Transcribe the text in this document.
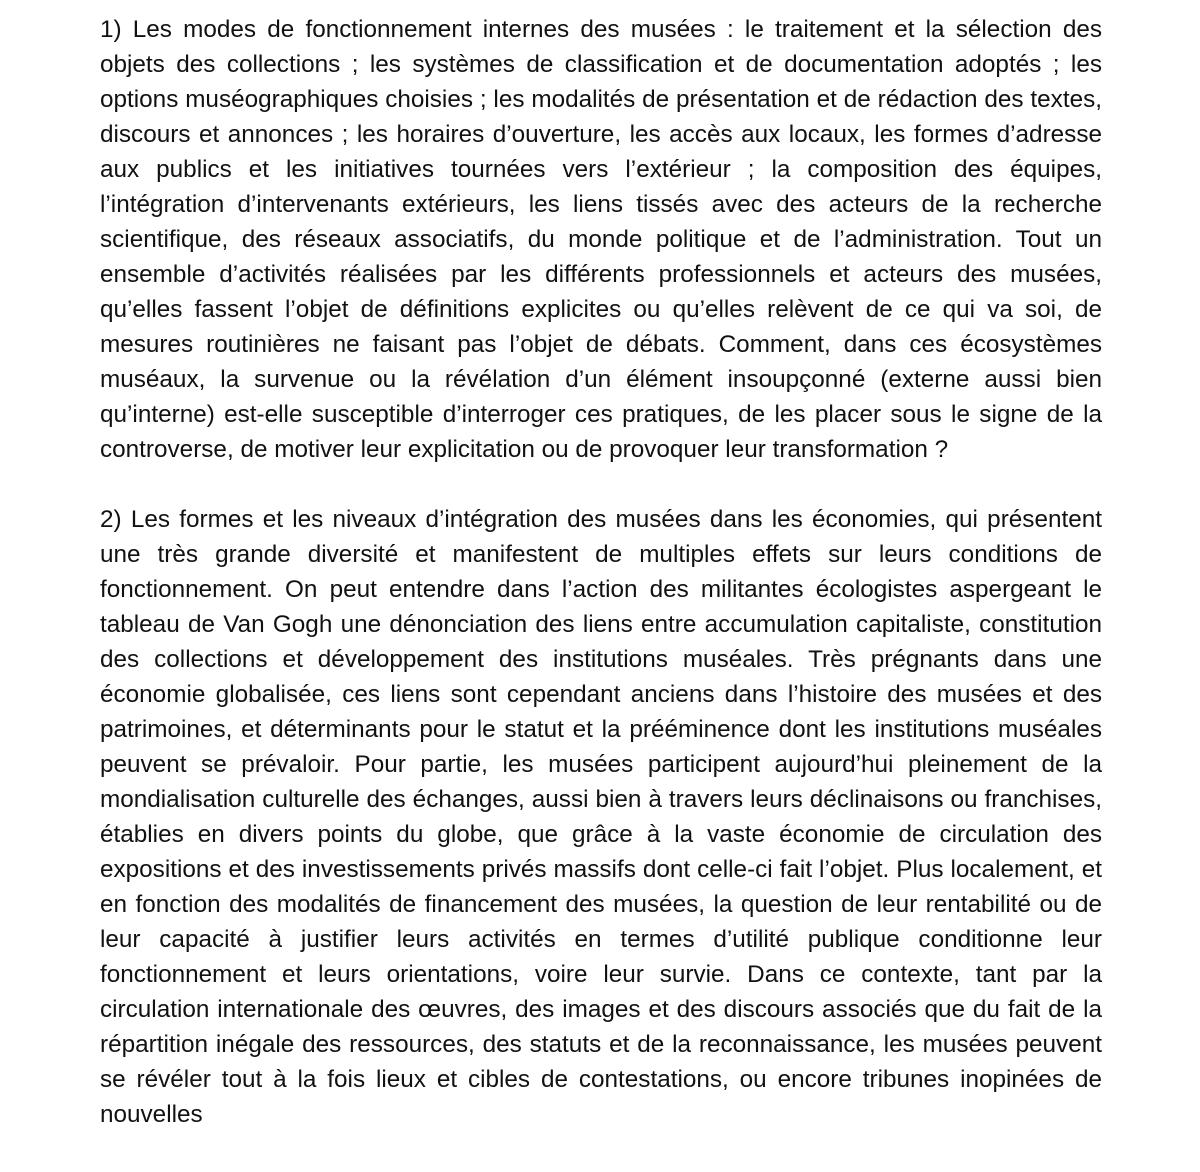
1) Les modes de fonctionnement internes des musées : le traitement et la sélection des objets des collections ; les systèmes de classification et de documentation adoptés ; les options muséographiques choisies ; les modalités de présentation et de rédaction des textes, discours et annonces ; les horaires d’ouverture, les accès aux locaux, les formes d’adresse aux publics et les initiatives tournées vers l’extérieur ; la composition des équipes, l’intégration d’intervenants extérieurs, les liens tissés avec des acteurs de la recherche scientifique, des réseaux associatifs, du monde politique et de l’administration. Tout un ensemble d’activités réalisées par les différents professionnels et acteurs des musées, qu’elles fassent l’objet de définitions explicites ou qu’elles relèvent de ce qui va soi, de mesures routinières ne faisant pas l’objet de débats. Comment, dans ces écosystèmes muséaux, la survenue ou la révélation d’un élément insoupçonné (externe aussi bien qu’interne) est-elle susceptible d’interroger ces pratiques, de les placer sous le signe de la controverse, de motiver leur explicitation ou de provoquer leur transformation ?

2) Les formes et les niveaux d’intégration des musées dans les économies, qui présentent une très grande diversité et manifestent de multiples effets sur leurs conditions de fonctionnement. On peut entendre dans l’action des militantes écologistes aspergeant le tableau de Van Gogh une dénonciation des liens entre accumulation capitaliste, constitution des collections et développement des institutions muséales. Très prégnants dans une économie globalisée, ces liens sont cependant anciens dans l’histoire des musées et des patrimoines, et déterminants pour le statut et la prééminence dont les institutions muséales peuvent se prévaloir. Pour partie, les musées participent aujourd’hui pleinement de la mondialisation culturelle des échanges, aussi bien à travers leurs déclinaisons ou franchises, établies en divers points du globe, que grâce à la vaste économie de circulation des expositions et des investissements privés massifs dont celle-ci fait l’objet. Plus localement, et en fonction des modalités de financement des musées, la question de leur rentabilité ou de leur capacité à justifier leurs activités en termes d’utilité publique conditionne leur fonctionnement et leurs orientations, voire leur survie. Dans ce contexte, tant par la circulation internationale des œuvres, des images et des discours associés que du fait de la répartition inégale des ressources, des statuts et de la reconnaissance, les musées peuvent se révéler tout à la fois lieux et cibles de contestations, ou encore tribunes inopinées de nouvelles
